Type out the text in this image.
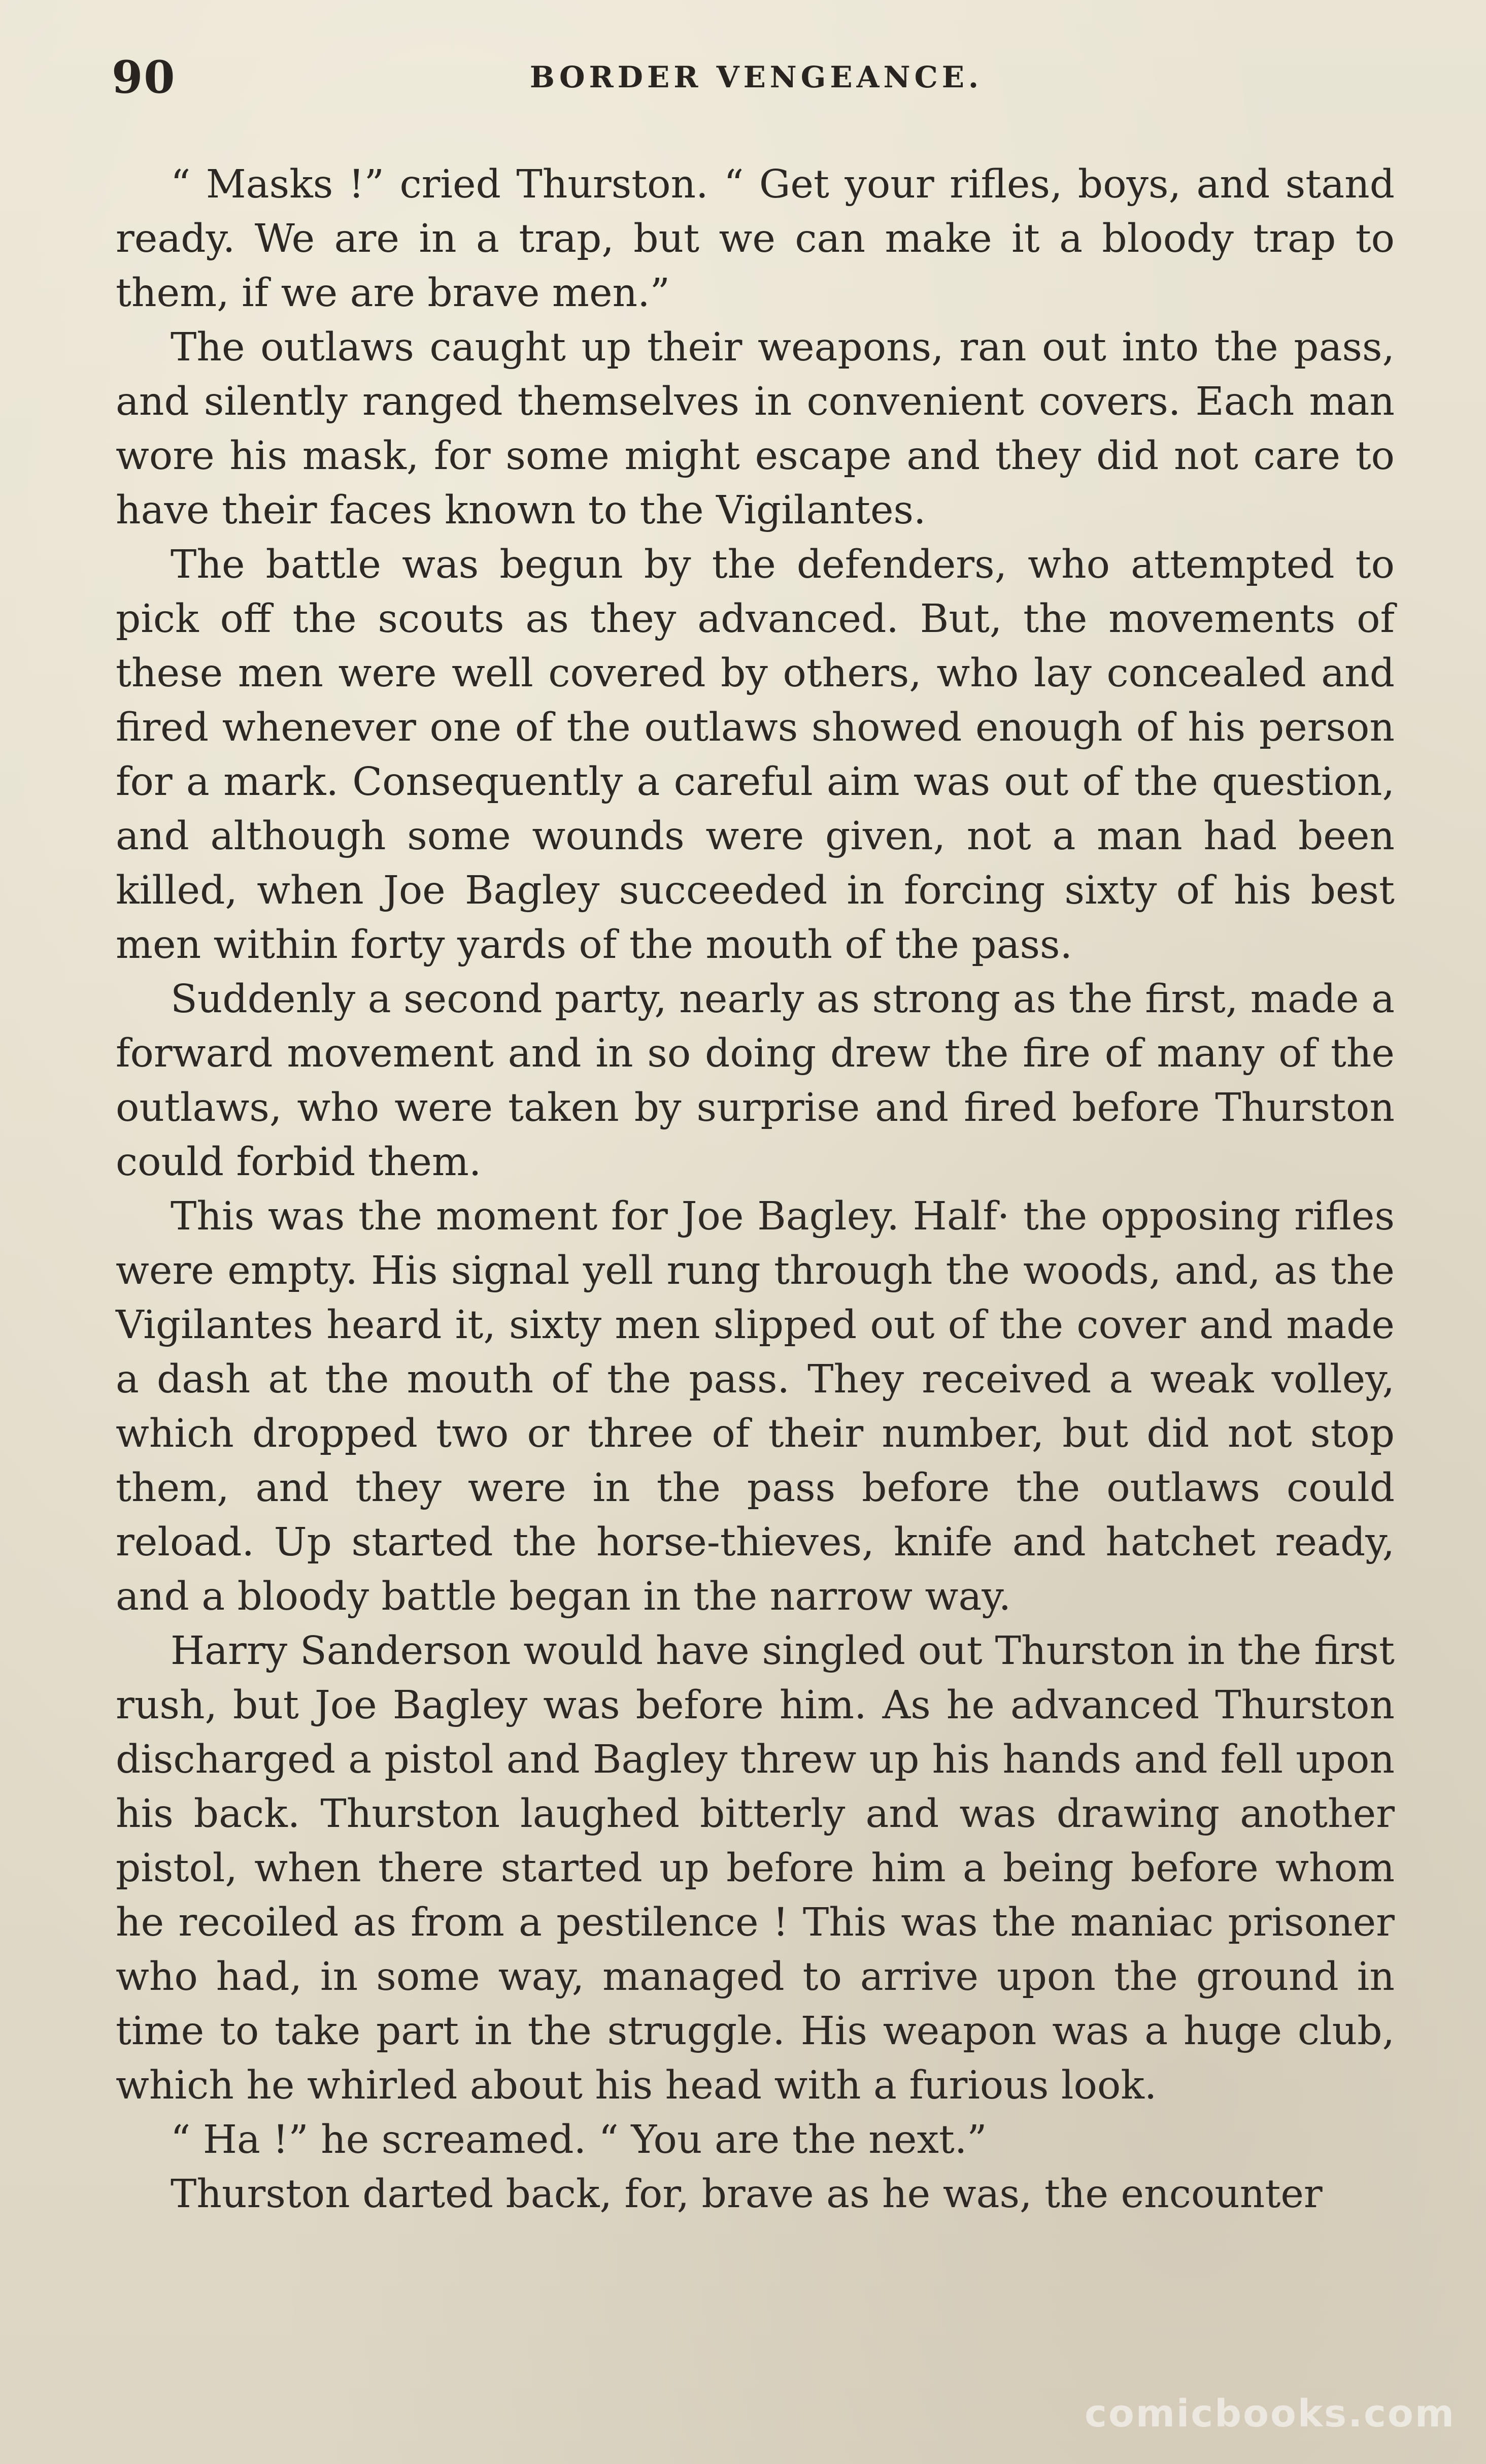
90	BORDER VENGEANCE.

“ Masks !” cried Thurston. “ Get your rifles, boys, and stand ready. We are in a trap, but we can make it a bloody trap to them, if we are brave men.”

The outlaws caught up their weapons, ran out into the pass, and silently ranged themselves in convenient covers. Each man wore his mask, for some might escape and they did not care to have their faces known to the Vigilantes.

The battle was begun by the defenders, who attempted to pick off the scouts as they advanced. But, the movements of these men were well covered by others, who lay concealed and fired whenever one of the outlaws showed enough of his person for a mark. Consequently a careful aim was out of the question, and although some wounds were given, not a man had been killed, when Joe Bagley succeeded in forcing sixty of his best men within forty yards of the mouth of the pass.

Suddenly a second party, nearly as strong as the first, made a forward movement and in so doing drew the fire of many of the outlaws, who were taken by surprise and fired before Thurston could forbid them.

This was the moment for Joe Bagley. Half· the opposing rifles were empty. His signal yell rung through the woods, and, as the Vigilantes heard it, sixty men slipped out of the cover and made a dash at the mouth of the pass. They received a weak volley, which dropped two or three of their number, but did not stop them, and they were in the pass before the outlaws could reload. Up started the horse-thieves, knife and hatchet ready, and a bloody battle began in the narrow way.

Harry Sanderson would have singled out Thurston in the first rush, but Joe Bagley was before him. As he advanced Thurston discharged a pistol and Bagley threw up his hands and fell upon his back. Thurston laughed bitterly and was drawing another pistol, when there started up before him a being before whom he recoiled as from a pestilence ! This was the maniac prisoner who had, in some way, managed to arrive upon the ground in time to take part in the struggle. His weapon was a huge club, which he whirled about his head with a furious look.

“ Ha !” he screamed. “ You are the next.”

Thurston darted back, for, brave as he was, the encounter

comicbooks.com
